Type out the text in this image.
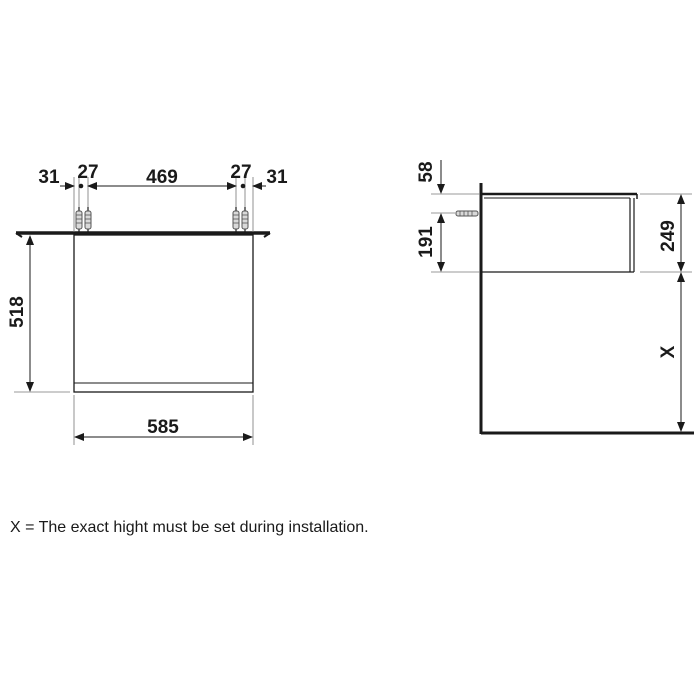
31 27	469	27 31
518
585
58
191	249
X

X = The exact hight must be set during installation.
